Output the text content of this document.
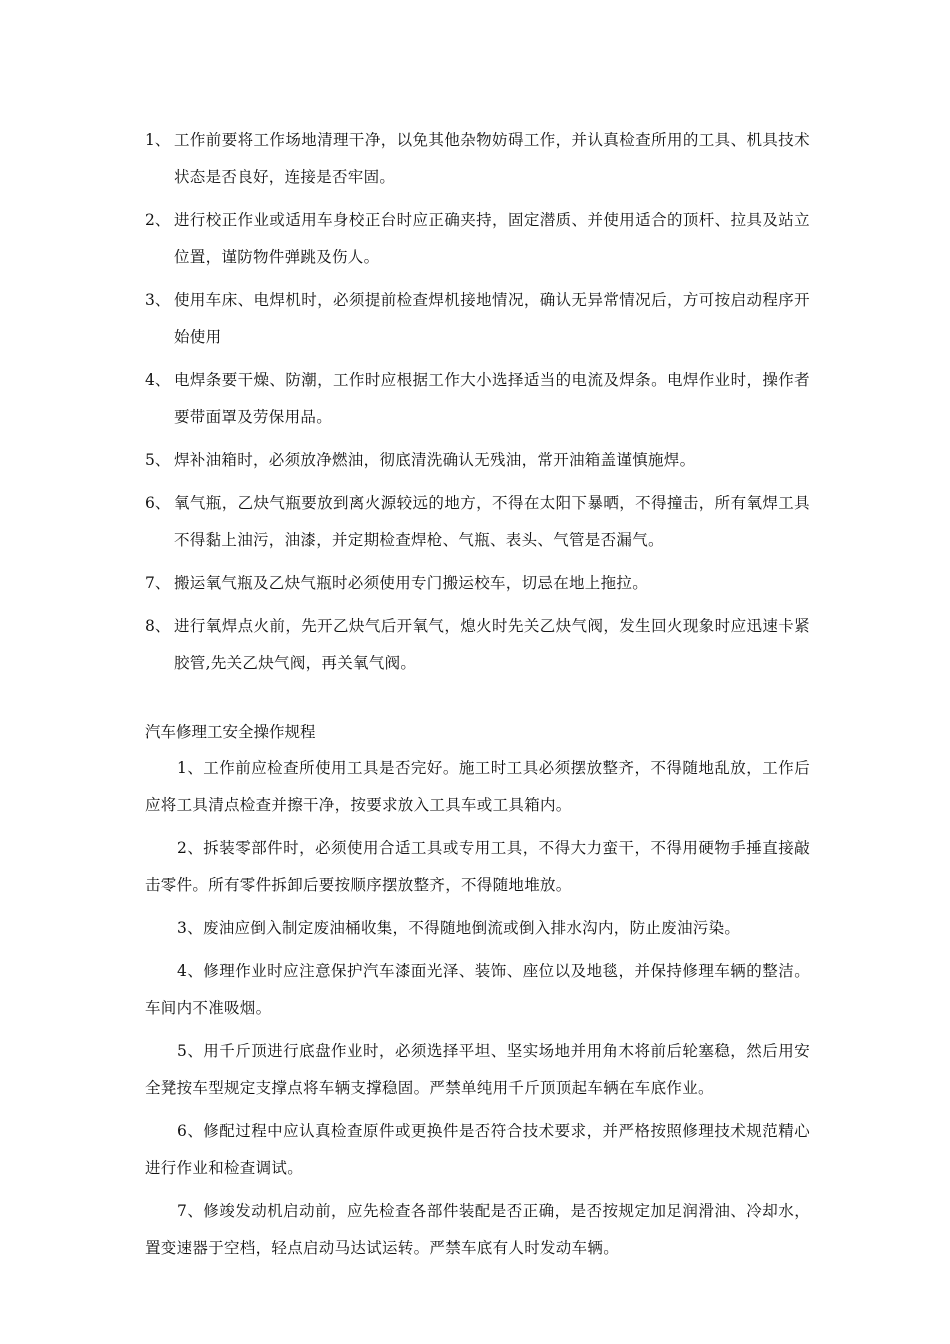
1、 工作前要将工作场地清理干净，以免其他杂物妨碍工作，并认真检查所用的工具、机具技术状态是否良好，连接是否牢固。
2、 进行校正作业或适用车身校正台时应正确夹持，固定潜质、并使用适合的顶杆、拉具及站立位置，谨防物件弹跳及伤人。
3、 使用车床、电焊机时，必须提前检查焊机接地情况，确认无异常情况后，方可按启动程序开始使用
4、 电焊条要干燥、防潮，工作时应根据工作大小选择适当的电流及焊条。电焊作业时，操作者要带面罩及劳保用品。
5、 焊补油箱时，必须放净燃油，彻底清洗确认无残油，常开油箱盖谨慎施焊。
6、 氧气瓶，乙炔气瓶要放到离火源较远的地方，不得在太阳下暴晒，不得撞击，所有氧焊工具不得黏上油污，油漆，并定期检查焊枪、气瓶、表头、气管是否漏气。
7、 搬运氧气瓶及乙炔气瓶时必须使用专门搬运校车，切忌在地上拖拉。
8、 进行氧焊点火前，先开乙炔气后开氧气，熄火时先关乙炔气阀，发生回火现象时应迅速卡紧胶管,先关乙炔气阀，再关氧气阀。
汽车修理工安全操作规程

1、工作前应检查所使用工具是否完好。施工时工具必须摆放整齐，不得随地乱放，工作后应将工具清点检查并擦干净，按要求放入工具车或工具箱内。

2、拆装零部件时，必须使用合适工具或专用工具，不得大力蛮干，不得用硬物手捶直接敲击零件。所有零件拆卸后要按顺序摆放整齐，不得随地堆放。

3、废油应倒入制定废油桶收集，不得随地倒流或倒入排水沟内，防止废油污染。

4、修理作业时应注意保护汽车漆面光泽、装饰、座位以及地毯，并保持修理车辆的整洁。车间内不准吸烟。

5、用千斤顶进行底盘作业时，必须选择平坦、坚实场地并用角木将前后轮塞稳，然后用安全凳按车型规定支撑点将车辆支撑稳固。严禁单纯用千斤顶顶起车辆在车底作业。

6、修配过程中应认真检查原件或更换件是否符合技术要求，并严格按照修理技术规范精心进行作业和检查调试。

7、修竣发动机启动前，应先检查各部件装配是否正确，是否按规定加足润滑油、冷却水，置变速器于空档，轻点启动马达试运转。严禁车底有人时发动车辆。
